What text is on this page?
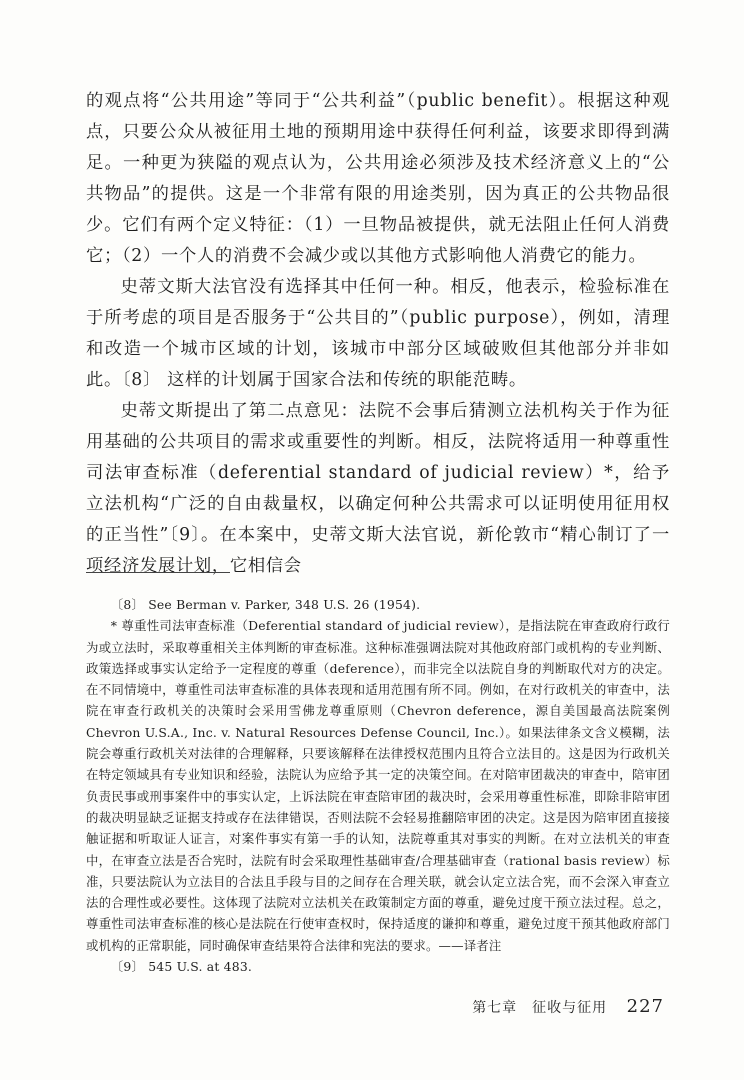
的观点将“公共用途”等同于“公共利益”（public benefit）。根据这种观点，只要公众从被征用土地的预期用途中获得任何利益，该要求即得到满足。一种更为狭隘的观点认为，公共用途必须涉及技术经济意义上的“公共物品”的提供。这是一个非常有限的用途类别，因为真正的公共物品很少。它们有两个定义特征：（1）一旦物品被提供，就无法阻止任何人消费它；（2）一个人的消费不会减少或以其他方式影响他人消费它的能力。

史蒂文斯大法官没有选择其中任何一种。相反，他表示，检验标准在于所考虑的项目是否服务于“公共目的”（public purpose），例如，清理和改造一个城市区域的计划，该城市中部分区域破败但其他部分并非如此。〔8〕 这样的计划属于国家合法和传统的职能范畴。

史蒂文斯提出了第二点意见：法院不会事后猜测立法机构关于作为征用基础的公共项目的需求或重要性的判断。相反，法院将适用一种尊重性司法审查标准（deferential standard of judicial review）*，给予立法机构“广泛的自由裁量权，以确定何种公共需求可以证明使用征用权的正当性”〔9〕。在本案中，史蒂文斯大法官说，新伦敦市“精心制订了一项经济发展计划，它相信会

〔8〕 See Berman v. Parker, 348 U.S. 26 (1954).

* 尊重性司法审查标准（Deferential standard of judicial review），是指法院在审查政府行政行为或立法时，采取尊重相关主体判断的审查标准。这种标准强调法院对其他政府部门或机构的专业判断、政策选择或事实认定给予一定程度的尊重（deference），而非完全以法院自身的判断取代对方的决定。在不同情境中，尊重性司法审查标准的具体表现和适用范围有所不同。例如，在对行政机关的审查中，法院在审查行政机关的决策时会采用雪佛龙尊重原则（Chevron deference，源自美国最高法院案例 Chevron U.S.A., Inc. v. Natural Resources Defense Council, Inc.）。如果法律条文含义模糊，法院会尊重行政机关对法律的合理解释，只要该解释在法律授权范围内且符合立法目的。这是因为行政机关在特定领域具有专业知识和经验，法院认为应给予其一定的决策空间。在对陪审团裁决的审查中，陪审团负责民事或刑事案件中的事实认定，上诉法院在审查陪审团的裁决时，会采用尊重性标准，即除非陪审团的裁决明显缺乏证据支持或存在法律错误，否则法院不会轻易推翻陪审团的决定。这是因为陪审团直接接触证据和听取证人证言，对案件事实有第一手的认知，法院尊重其对事实的判断。在对立法机关的审查中，在审查立法是否合宪时，法院有时会采取理性基础审查/合理基础审查（rational basis review）标准，只要法院认为立法目的合法且手段与目的之间存在合理关联，就会认定立法合宪，而不会深入审查立法的合理性或必要性。这体现了法院对立法机关在政策制定方面的尊重，避免过度干预立法过程。总之，尊重性司法审查标准的核心是法院在行使审查权时，保持适度的谦抑和尊重，避免过度干预其他政府部门或机构的正常职能，同时确保审查结果符合法律和宪法的要求。——译者注

〔9〕 545 U.S. at 483.

第七章　征收与征用 227
